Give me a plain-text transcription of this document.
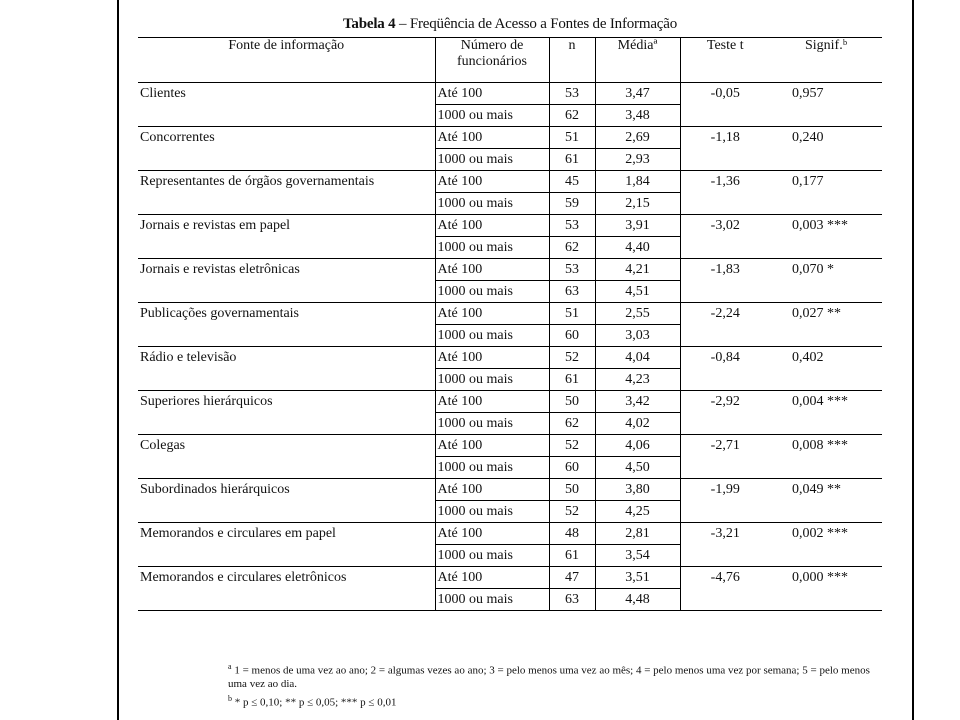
Tabela 4 – Freqüência de Acesso a Fontes de Informação
Fonte de informação	Número de funcionários	n	Médiaª	Teste t	Signif.ᵇ
Clientes	Até 100	53	3,47	-0,05	0,957
	1000 ou mais	62	3,48		
Concorrentes	Até 100	51	2,69	-1,18	0,240
	1000 ou mais	61	2,93		
Representantes de órgãos governamentais	Até 100	45	1,84	-1,36	0,177
	1000 ou mais	59	2,15		
Jornais e revistas em papel	Até 100	53	3,91	-3,02	0,003 ***
	1000 ou mais	62	4,40		
Jornais e revistas eletrônicas	Até 100	53	4,21	-1,83	0,070 *
	1000 ou mais	63	4,51		
Publicações governamentais	Até 100	51	2,55	-2,24	0,027 **
	1000 ou mais	60	3,03		
Rádio e televisão	Até 100	52	4,04	-0,84	0,402
	1000 ou mais	61	4,23		
Superiores hierárquicos	Até 100	50	3,42	-2,92	0,004 ***
	1000 ou mais	62	4,02		
Colegas	Até 100	52	4,06	-2,71	0,008 ***
	1000 ou mais	60	4,50		
Subordinados hierárquicos	Até 100	50	3,80	-1,99	0,049 **
	1000 ou mais	52	4,25		
Memorandos e circulares em papel	Até 100	48	2,81	-3,21	0,002 ***
	1000 ou mais	61	3,54		
Memorandos e circulares eletrônicos	Até 100	47	3,51	-4,76	0,000 ***
	1000 ou mais	63	4,48		
$^a$ 1 = menos de uma vez ao ano; 2 = algumas vezes ao ano; 3 = pelo menos uma vez ao mês; 4 = pelo menos uma vez por semana; 5 = pelo menos uma vez ao dia.
$^b$ * p ≤ 0,10; ** p ≤ 0,05; *** p ≤ 0,01
